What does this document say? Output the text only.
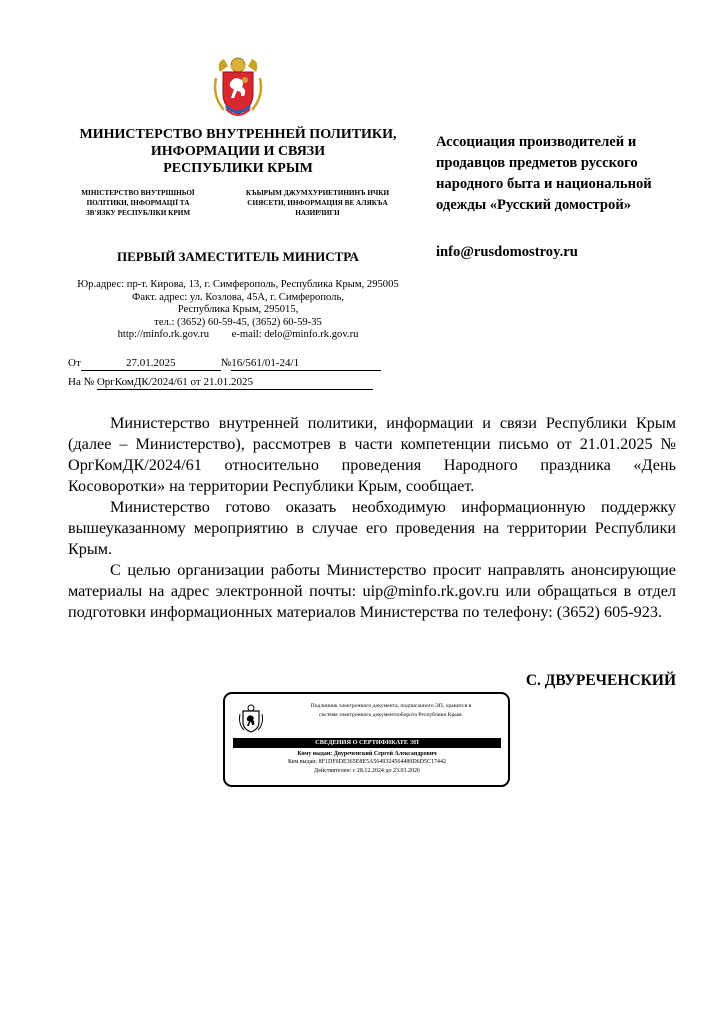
МИНИСТЕРСТВО ВНУТРЕННЕЙ ПОЛИТИКИ,
ИНФОРМАЦИИ И СВЯЗИ
РЕСПУБЛИКИ КРЫМ
МІНІСТЕРСТВО ВНУТРІШНЬОЇ
ПОЛІТИКИ, ІНФОРМАЦІЇ ТА
ЗВ'ЯЗКУ РЕСПУБЛІКИ КРИМ
КЪЫРЫМ ДЖУМХУРИЕТИНИНЪ ИЧКИ
СИЯСЕТИ, ИНФОРМАЦИЯ ВЕ АЛЯКЪА
НАЗИРЛИГИ
ПЕРВЫЙ ЗАМЕСТИТЕЛЬ МИНИСТРА
Юр.адрес: пр-т. Кирова, 13, г. Симферополь, Республика Крым, 295005
Факт. адрес: ул. Козлова, 45А, г. Симферополь,
Республика Крым, 295015,
тел.: (3652) 60-59-45, (3652) 60-59-35
http://minfo.rk.gov.ru e-mail: delo@minfo.rk.gov.ru
От	27.01.2025	№16/561/01-24/1
На № ОргКомДК/2024/61 от 21.01.2025
Ассоциация производителей и
продавцов предметов русского
народного быта и национальной
одежды «Русский домострой»
info@rusdomostroy.ru

Министерство внутренней политики, информации и связи Республики Крым (далее – Министерство), рассмотрев в части компетенции письмо от 21.01.2025 № ОргКомДК/2024/61 относительно проведения Народного праздника «День Косоворотки» на территории Республики Крым, сообщает.

Министерство готово оказать необходимую информационную поддержку вышеуказанному мероприятию в случае его проведения на территории Республики Крым.

С целью организации работы Министерство просит направлять анонсирующие материалы на адрес электронной почты: uip@minfo.rk.gov.ru или обращаться в отдел подготовки информационных материалов Министерства по телефону: (3652) 605-923.

С. ДВУРЕЧЕНСКИЙ
Подлинник электронного документа, подписанного ЭП, хранится в
системе электронного документооборота Республики Крым.
СВЕДЕНИЯ О СЕРТИФИКАТЕ ЭП
Кому выдан: Двуреченский Сергей Александрович
Кем выдан: 8F1DF6DE365E8E5A5649324564489D6D5C17442
Действителен: с 28.12.2024 до 23.03.2026
